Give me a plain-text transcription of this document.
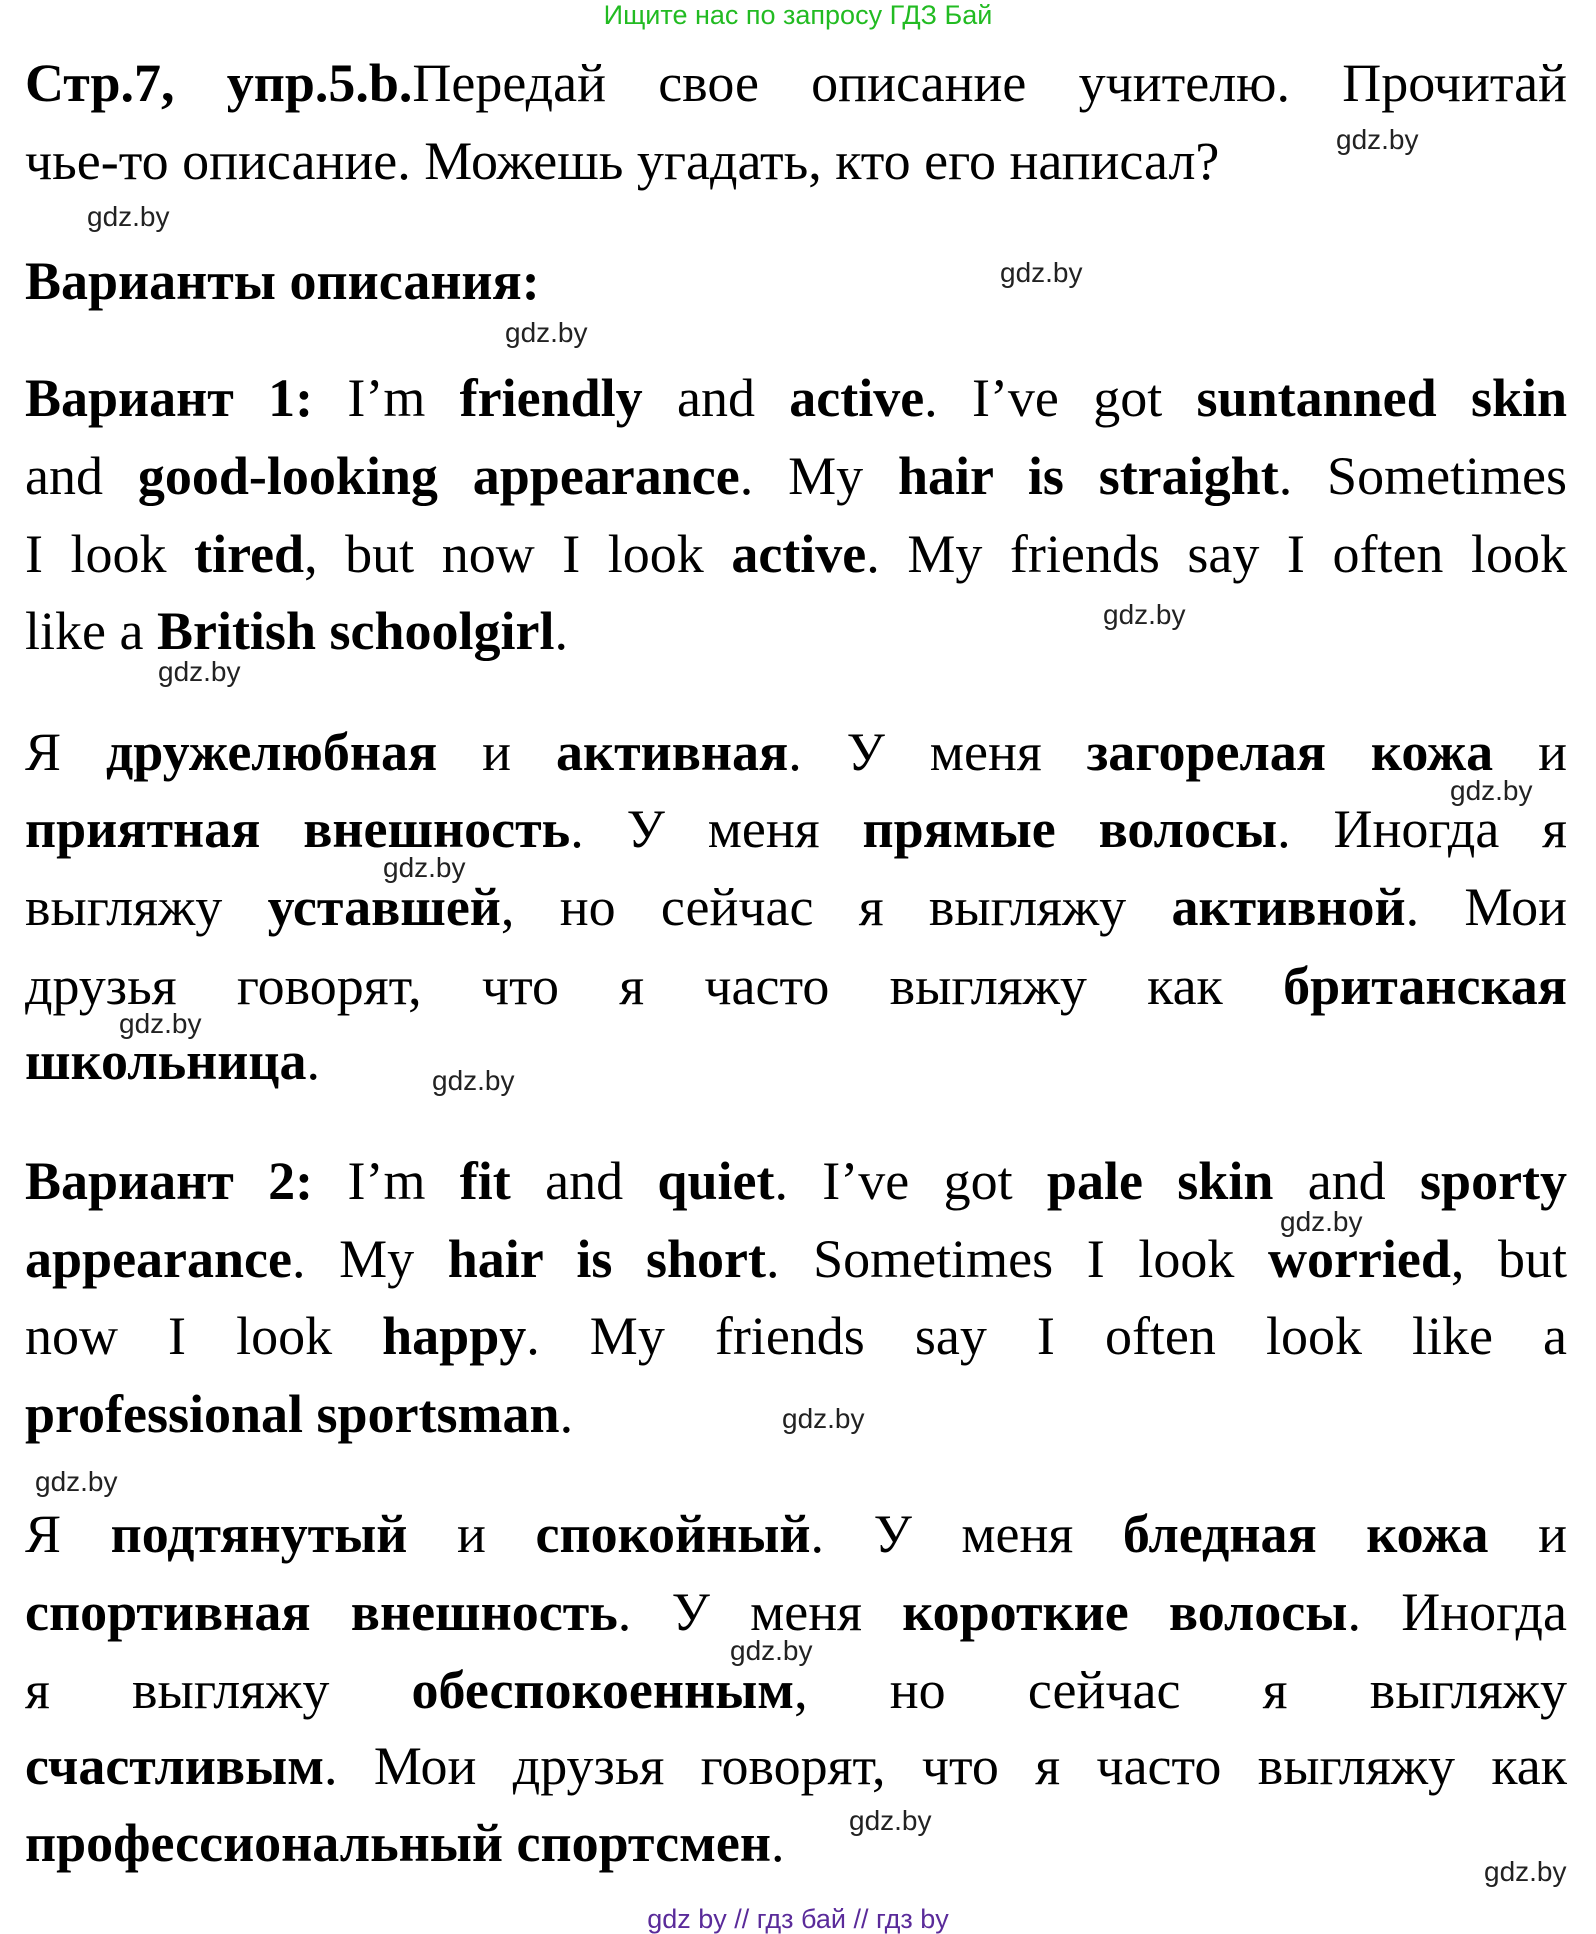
Ищите нас по запросу ГДЗ Бай
Стр.7, упр.5.b.Передай свое описание учителю. Прочитай
чье-то описание. Можешь угадать, кто его написал?
Варианты описания:
Вариант 1: I’m friendly and active. I’ve got suntanned skin
and good-looking appearance. My hair is straight. Sometimes
I look tired, but now I look active. My friends say I often look
like a British schoolgirl.
Я дружелюбная и активная. У меня загорелая кожа и
приятная внешность. У меня прямые волосы. Иногда я
выгляжу уставшей, но сейчас я выгляжу активной. Мои
друзья говорят, что я часто выгляжу как британская
школьница.
Вариант 2: I’m fit and quiet. I’ve got pale skin and sporty
appearance. My hair is short. Sometimes I look worried, but
now I look happy. My friends say I often look like a
professional sportsman.
Я подтянутый и спокойный. У меня бледная кожа и
спортивная внешность. У меня короткие волосы. Иногда
я выгляжу обеспокоенным, но сейчас я выгляжу
счастливым. Мои друзья говорят, что я часто выгляжу как
профессиональный спортсмен.
gdz.by
gdz.by
gdz.by
gdz.by
gdz.by
gdz.by
gdz.by
gdz.by
gdz.by
gdz.by
gdz.by
gdz.by
gdz.by
gdz.by
gdz.by
gdz.by
gdz by // гдз бай // гдз by
